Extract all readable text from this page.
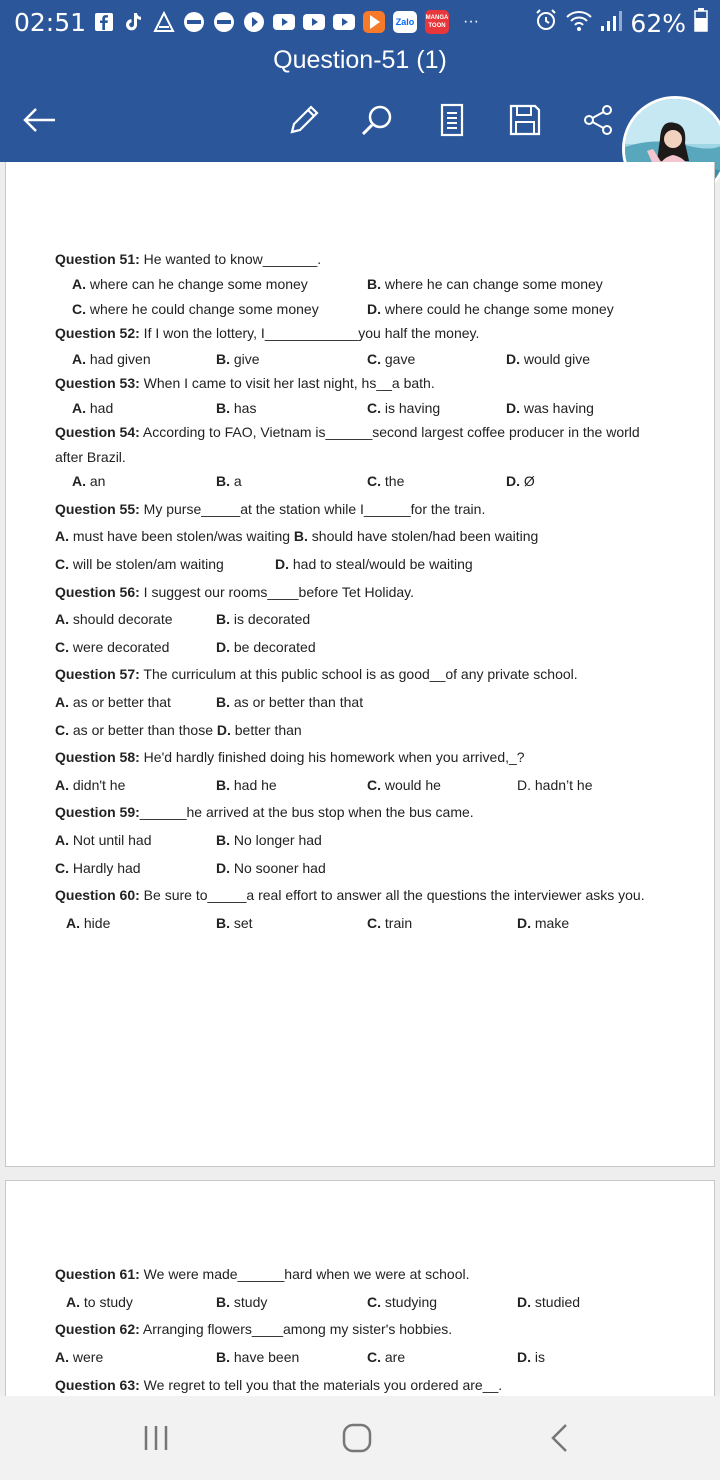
02:51	Zalo	MANGA
TOON	···	62%
Question-51 (1)
Question 51: He wanted to know_______.
A. where can he change some money	B. where he can change some money
C. where he could change some money	D. where could he change some money
Question 52: If I won the lottery, I____________you half the money.
A. had given	B. give	C. gave	D. would give
Question 53: When I came to visit her last night, hs__a bath.
A. had	B. has	C. is having	D. was having
Question 54: According to FAO, Vietnam is______second largest coffee producer in the world
after Brazil.
A. an	B. a	C. the	D. Ø
Question 55: My purse_____at the station while I______for the train.
A. must have been stolen/was waiting B. should have stolen/had been waiting
C. will be stolen/am waiting	D. had to steal/would be waiting
Question 56: I suggest our rooms____before Tet Holiday.
A. should decorate	B. is decorated
C. were decorated	D. be decorated
Question 57: The curriculum at this public school is as good__of any private school.
A. as or better that	B. as or better than that
C. as or better than those D. better than
Question 58: He'd hardly finished doing his homework when you arrived,_?
A. didn't he	B. had he	C. would he	D. hadn’t he
Question 59:______he arrived at the bus stop when the bus came.
A. Not until had	B. No longer had
C. Hardly had	D. No sooner had
Question 60: Be sure to_____a real effort to answer all the questions the interviewer asks you.
A. hide	B. set	C. train	D. make
Question 61: We were made______hard when we were at school.
A. to study	B. study	C. studying	D. studied
Question 62: Arranging flowers____among my sister's hobbies.
A. were	B. have been	C. are	D. is
Question 63: We regret to tell you that the materials you ordered are__.
